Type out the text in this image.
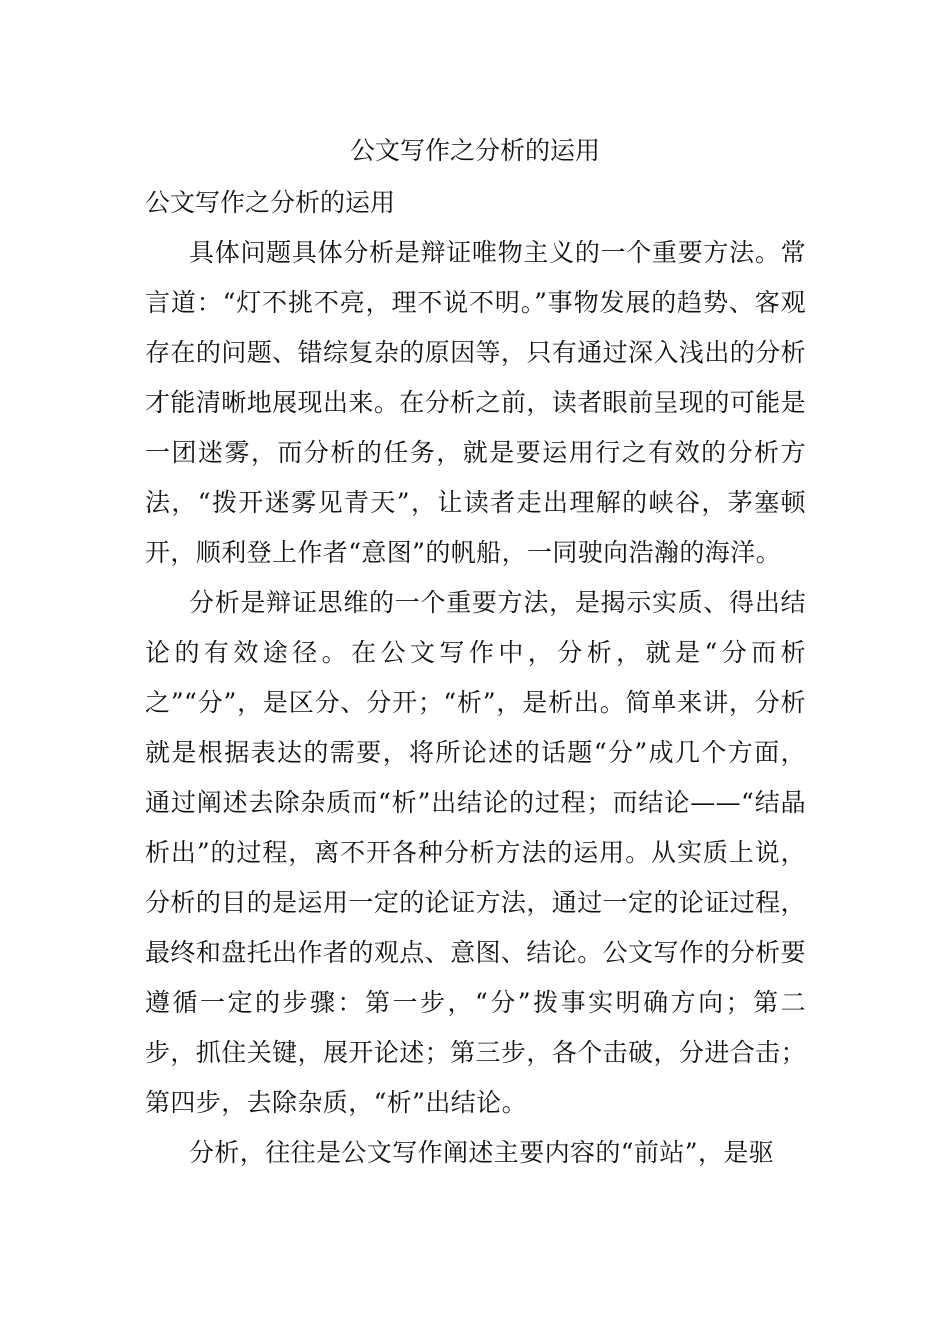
公文写作之分析的运用

公文写作之分析的运用

具体问题具体分析是辩证唯物主义的一个重要方法。常言道：“灯不挑不亮，理不说不明。”事物发展的趋势、客观存在的问题、错综复杂的原因等，只有通过深入浅出的分析才能清晰地展现出来。在分析之前，读者眼前呈现的可能是一团迷雾，而分析的任务，就是要运用行之有效的分析方法，“拨开迷雾见青天”，让读者走出理解的峡谷，茅塞顿开，顺利登上作者“意图”的帆船，一同驶向浩瀚的海洋。

分析是辩证思维的一个重要方法，是揭示实质、得出结论的有效途径。在公文写作中，分析，就是“分而析之”“分”，是区分、分开；“析”，是析出。简单来讲，分析就是根据表达的需要，将所论述的话题“分”成几个方面，通过阐述去除杂质而“析”出结论的过程；而结论——“结晶析出”的过程，离不开各种分析方法的运用。从实质上说，分析的目的是运用一定的论证方法，通过一定的论证过程，最终和盘托出作者的观点、意图、结论。公文写作的分析要遵循一定的步骤：第一步，“分”拨事实明确方向；第二步，抓住关键，展开论述；第三步，各个击破，分进合击；第四步，去除杂质，“析”出结论。

分析，往往是公文写作阐述主要内容的“前站”，是驱
